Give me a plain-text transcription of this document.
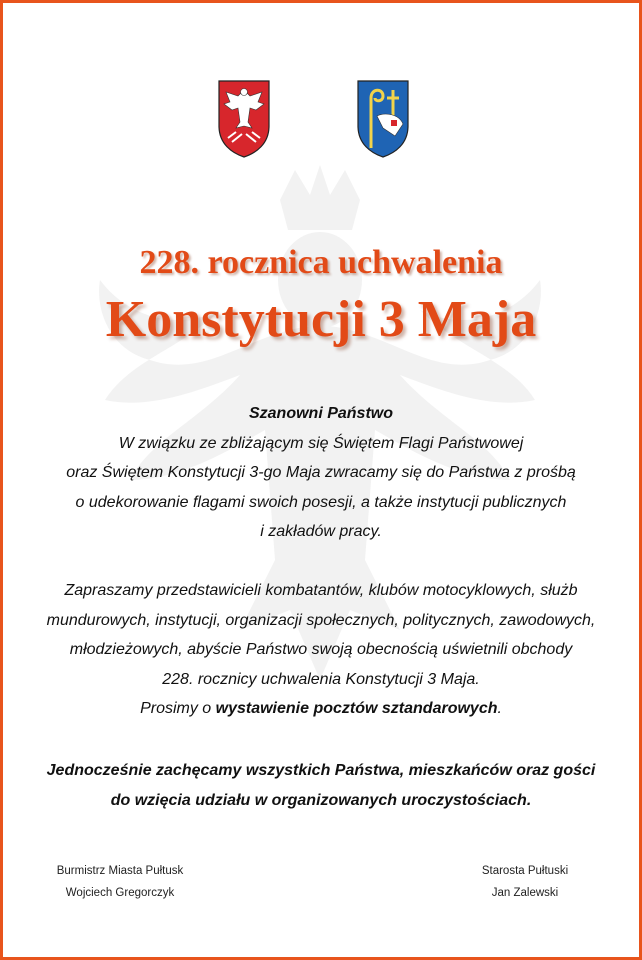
228. rocznica uchwalenia
Konstytucji 3 Maja
Szanowni Państwo
W związku ze zbliżającym się Świętem Flagi Państwowej
oraz Świętem Konstytucji 3-go Maja zwracamy się do Państwa z prośbą
o udekorowanie flagami swoich posesji, a także instytucji publicznych
i zakładów pracy.
Zapraszamy przedstawicieli kombatantów, klubów motocyklowych, służb
mundurowych, instytucji, organizacji społecznych, politycznych, zawodowych,
młodzieżowych, abyście Państwo swoją obecnością uświetnili obchody
228. rocznicy uchwalenia Konstytucji 3 Maja.
Prosimy o wystawienie pocztów sztandarowych.
Jednocześnie zachęcamy wszystkich Państwa, mieszkańców oraz gości
do wzięcia udziału w organizowanych uroczystościach.
Burmistrz Miasta Pułtusk
Wojciech Gregorczyk
Starosta Pułtuski
Jan Zalewski
